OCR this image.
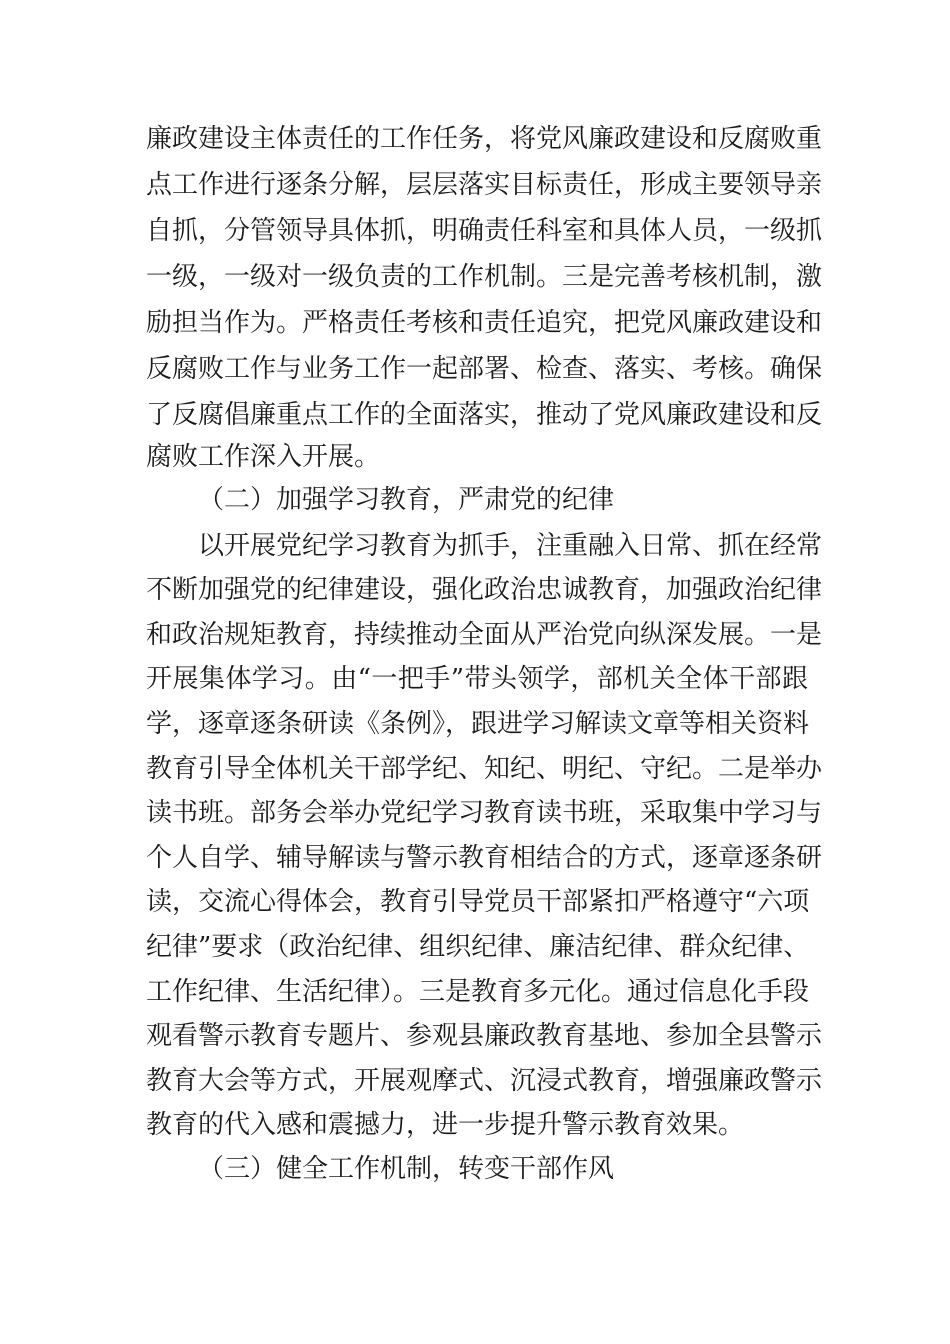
廉政建设主体责任的工作任务，将党风廉政建设和反腐败重
点工作进行逐条分解，层层落实目标责任，形成主要领导亲
自抓，分管领导具体抓，明确责任科室和具体人员，一级抓
一级，一级对一级负责的工作机制。三是完善考核机制，激
励担当作为。严格责任考核和责任追究，把党风廉政建设和
反腐败工作与业务工作一起部署、检查、落实、考核。确保
了反腐倡廉重点工作的全面落实，推动了党风廉政建设和反
腐败工作深入开展。
（二）加强学习教育，严肃党的纪律
以开展党纪学习教育为抓手，注重融入日常、抓在经常
不断加强党的纪律建设，强化政治忠诚教育，加强政治纪律
和政治规矩教育，持续推动全面从严治党向纵深发展。一是
开展集体学习。由“一把手”带头领学，部机关全体干部跟
学，逐章逐条研读《条例》，跟进学习解读文章等相关资料
教育引导全体机关干部学纪、知纪、明纪、守纪。二是举办
读书班。部务会举办党纪学习教育读书班，采取集中学习与
个人自学、辅导解读与警示教育相结合的方式，逐章逐条研
读，交流心得体会，教育引导党员干部紧扣严格遵守“六项
纪律”要求（政治纪律、组织纪律、廉洁纪律、群众纪律、
工作纪律、生活纪律）。三是教育多元化。通过信息化手段
观看警示教育专题片、参观县廉政教育基地、参加全县警示
教育大会等方式，开展观摩式、沉浸式教育，增强廉政警示
教育的代入感和震撼力，进一步提升警示教育效果。
（三）健全工作机制，转变干部作风
